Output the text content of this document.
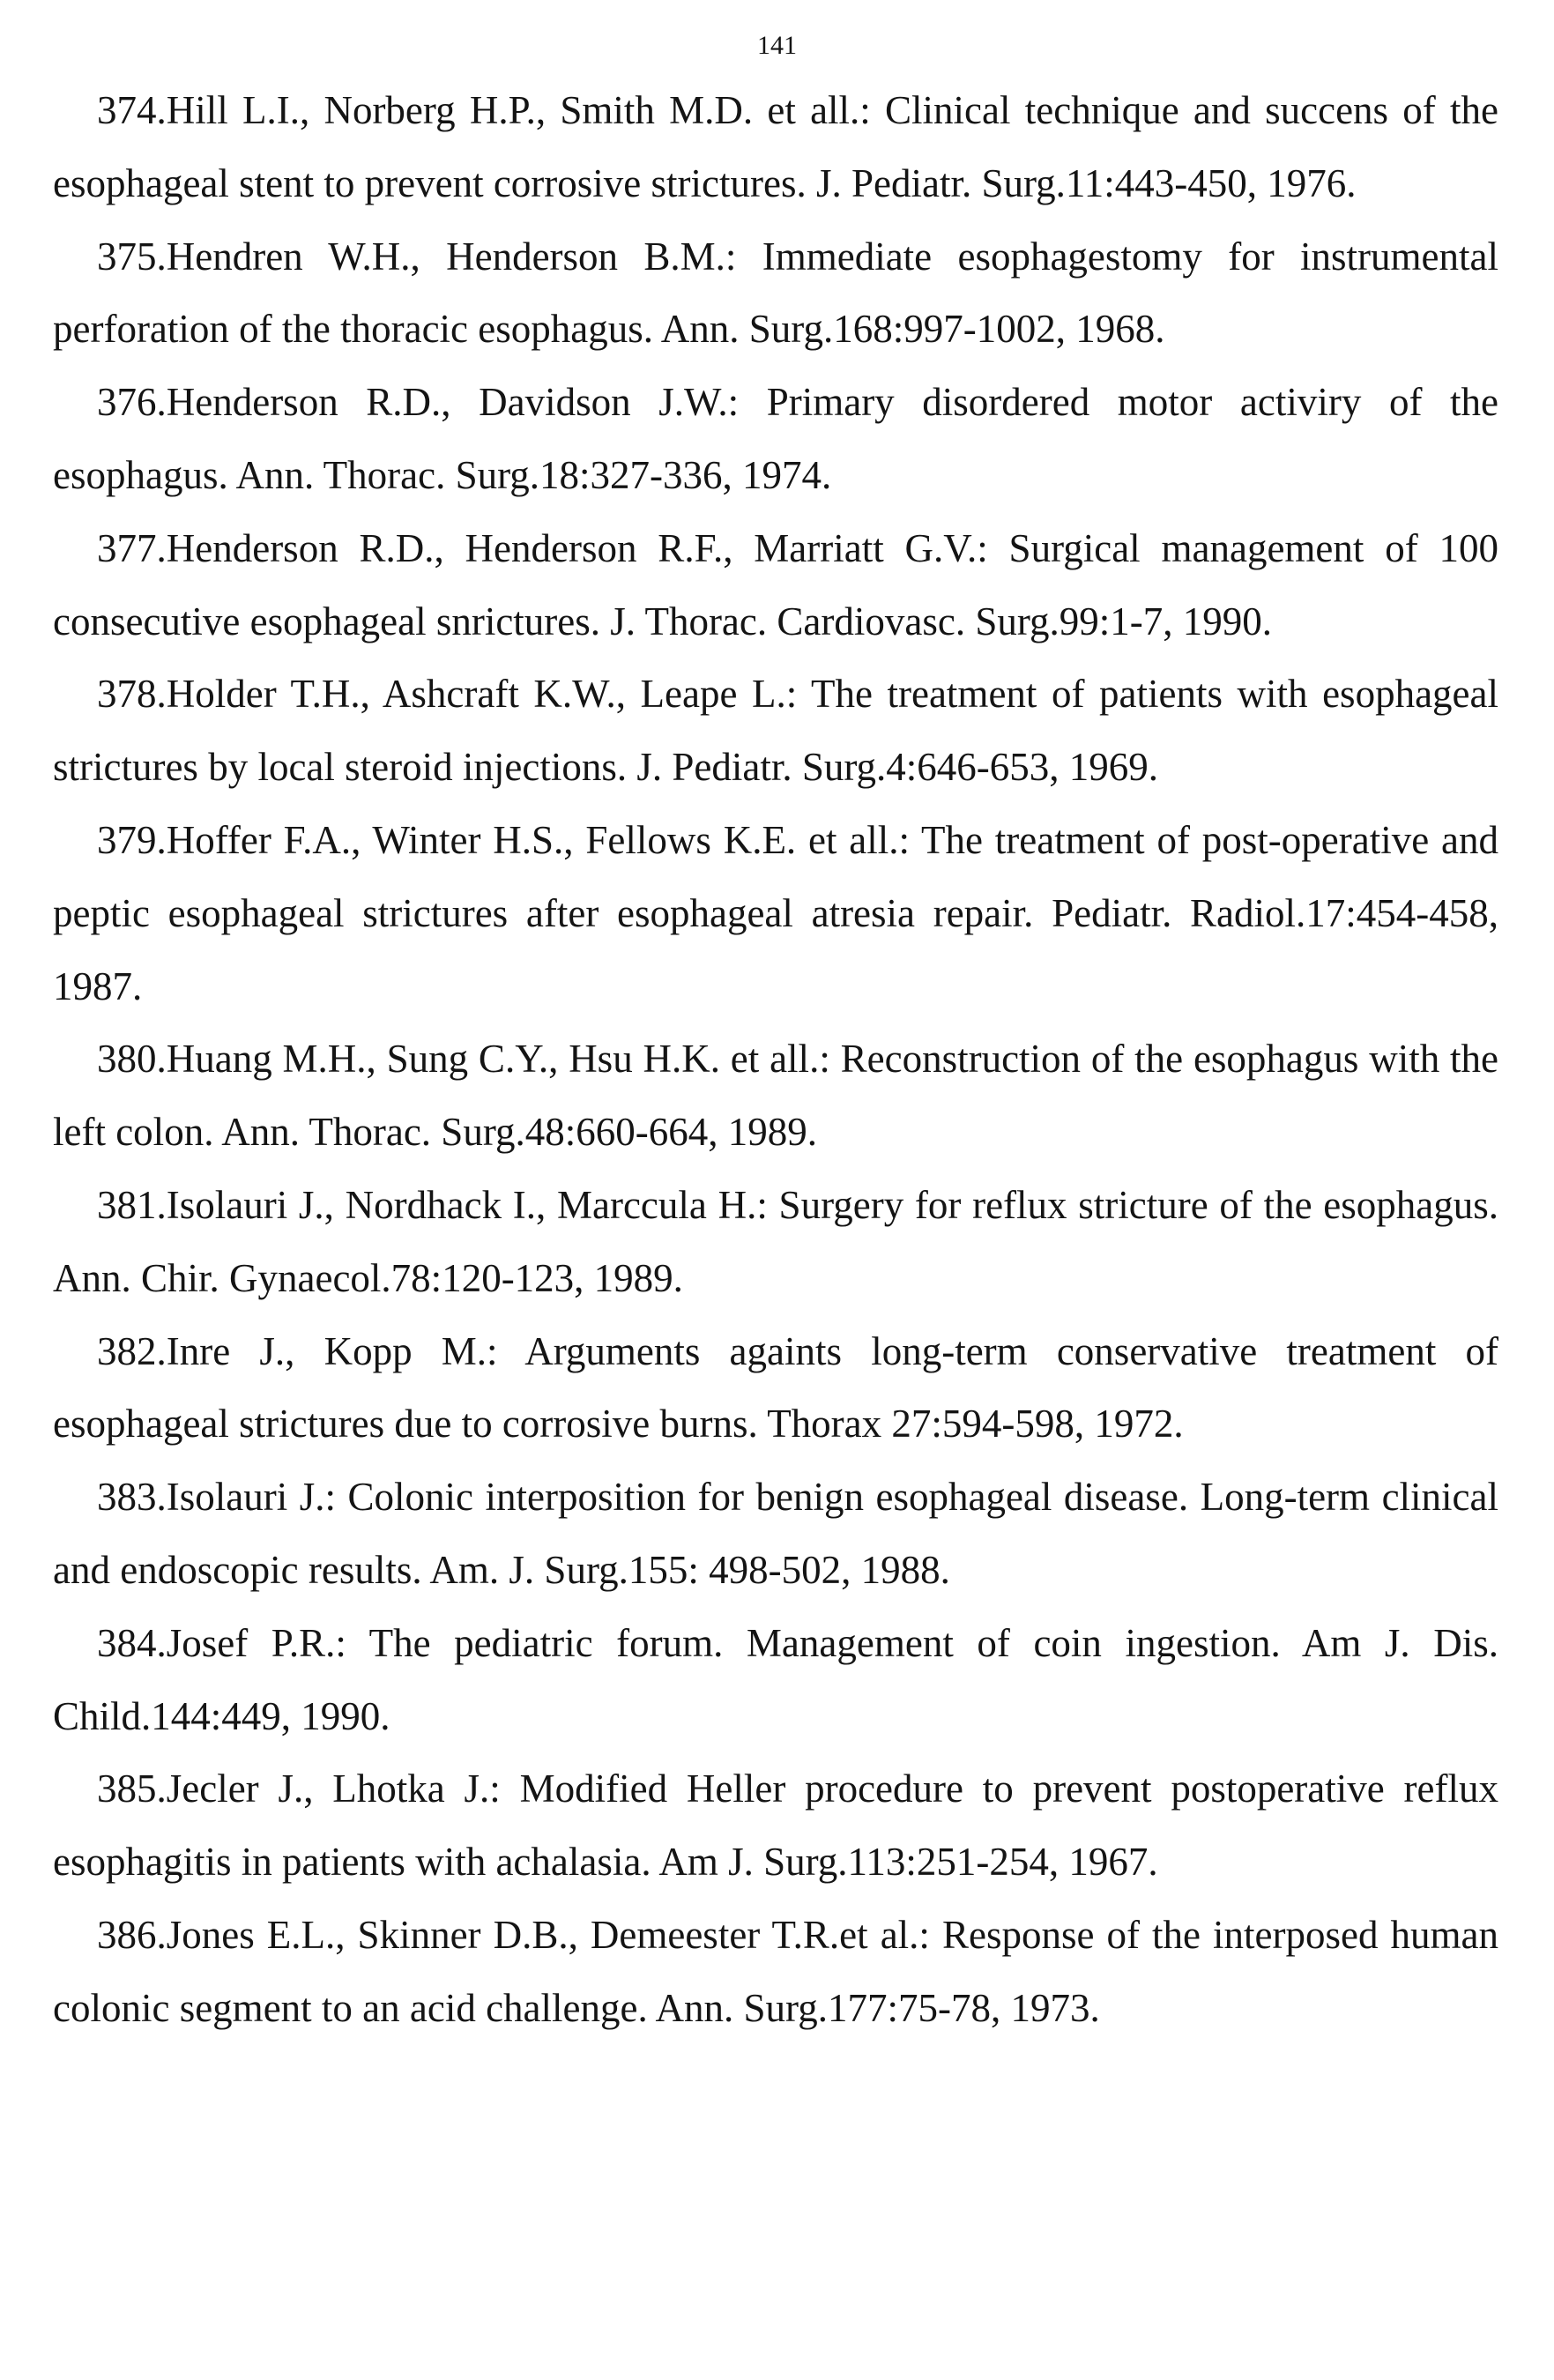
141

374.Hill L.I., Norberg H.P., Smith M.D. et all.: Clinical technique and succens of the esophageal stent to prevent corrosive strictures. J. Pediatr. Surg.11:443-450, 1976.

375.Hendren W.H., Henderson B.M.: Immediate esophagestomy for instrumental perforation of the thoracic esophagus. Ann. Surg.168:997-1002, 1968.

376.Henderson R.D., Davidson J.W.: Primary disordered motor activiry of the esophagus. Ann. Thorac. Surg.18:327-336, 1974.

377.Henderson R.D., Henderson R.F., Marriatt G.V.: Surgical management of 100 consecutive esophageal snrictures. J. Thorac. Cardiovasc. Surg.99:1-7, 1990.

378.Holder T.H., Ashcraft K.W., Leape L.: The treatment of patients with esophageal strictures by local steroid injections. J. Pediatr. Surg.4:646-653, 1969.

379.Hoffer F.A., Winter H.S., Fellows K.E. et all.: The treatment of post-operative and peptic esophageal strictures after esophageal atresia repair. Pediatr. Radiol.17:454-458, 1987.

380.Huang M.H., Sung C.Y., Hsu H.K. et all.: Reconstruction of the esophagus with the left colon. Ann. Thorac. Surg.48:660-664, 1989.

381.Isolauri J., Nordhack I., Marccula H.: Surgery for reflux stricture of the esophagus. Ann. Chir. Gynaecol.78:120-123, 1989.

382.Inre J., Kopp M.: Arguments againts long-term conservative treatment of esophageal strictures due to corrosive burns. Thorax 27:594-598, 1972.

383.Isolauri J.: Colonic interposition for benign esophageal disease. Long-term clinical and endoscopic results. Am. J. Surg.155: 498-502, 1988.

384.Josef P.R.: The pediatric forum. Management of coin ingestion. Am J. Dis. Child.144:449, 1990.

385.Jecler J., Lhotka J.: Modified Heller procedure to prevent postoperative reflux esophagitis in patients with achalasia. Am J. Surg.113:251-254, 1967.

386.Jones E.L., Skinner D.B., Demeester T.R.et al.: Response of the interposed human colonic segment to an acid challenge. Ann. Surg.177:75-78, 1973.
